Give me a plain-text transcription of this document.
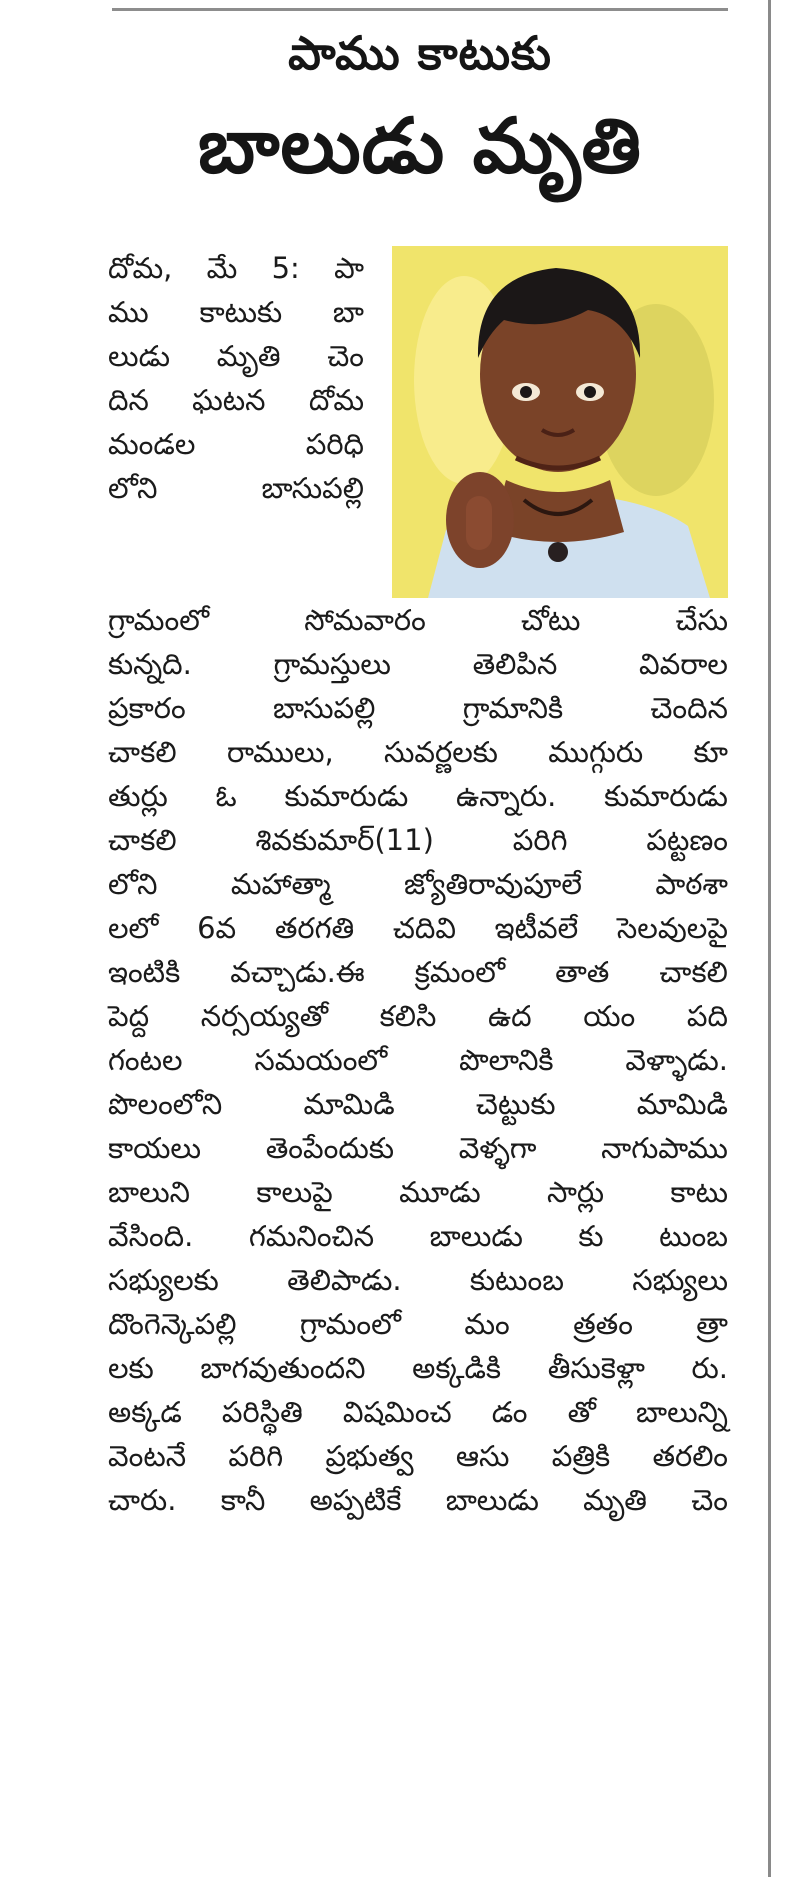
పాము కాటుకు
బాలుడు మృతి
దోమ, మే 5: పా
ము కాటుకు బా
లుడు మృతి చెం
దిన ఘటన దోమ
మండల	పరిధి
లోని	బాసుపల్లి
గ్రామంలో	సోమవారం	చోటు	చేసు
కున్నది.	గ్రామస్తులు	తెలిపిన	వివరాల
ప్రకారం	బాసుపల్లి	గ్రామానికి	చెందిన
చాకలి రాములు, సువర్ణలకు ముగ్గురు కూ
తుర్లు ఓ కుమారుడు ఉన్నారు. కుమారుడు
చాకలి	శివకుమార్(11)	పరిగి	పట్టణం
లోని	మహాత్మా	జ్యోతిరావుపూలే	పాఠశా
లలో 6వ తరగతి చదివి ఇటీవలే సెలవులపై
ఇంటికి వచ్చాడు.ఈ క్రమంలో తాత చాకలి
పెద్ద నర్సయ్యతో కలిసి ఉద యం పది
గంటల సమయంలో పొలానికి వెళ్ళాడు.
పొలంలోని	మామిడి	చెట్టుకు	మామిడి
కాయలు తెంపేందుకు వెళ్ళగా నాగుపాము
బాలుని కాలుపై మూడు సార్లు కాటు
వేసింది. గమనించిన బాలుడు కు టుంబ
సభ్యులకు తెలిపాడు. కుటుంబ సభ్యులు
దొంగెన్కెపల్లి గ్రామంలో మం త్రతం త్రా
లకు బాగవుతుందని అక్కడికి తీసుకెళ్లా రు.
అక్కడ పరిస్థితి విషమించ డం తో బాలున్ని
వెంటనే పరిగి ప్రభుత్వ ఆసు పత్రికి తరలిం
చారు. కానీ అప్పటికే బాలుడు మృతి చెం
